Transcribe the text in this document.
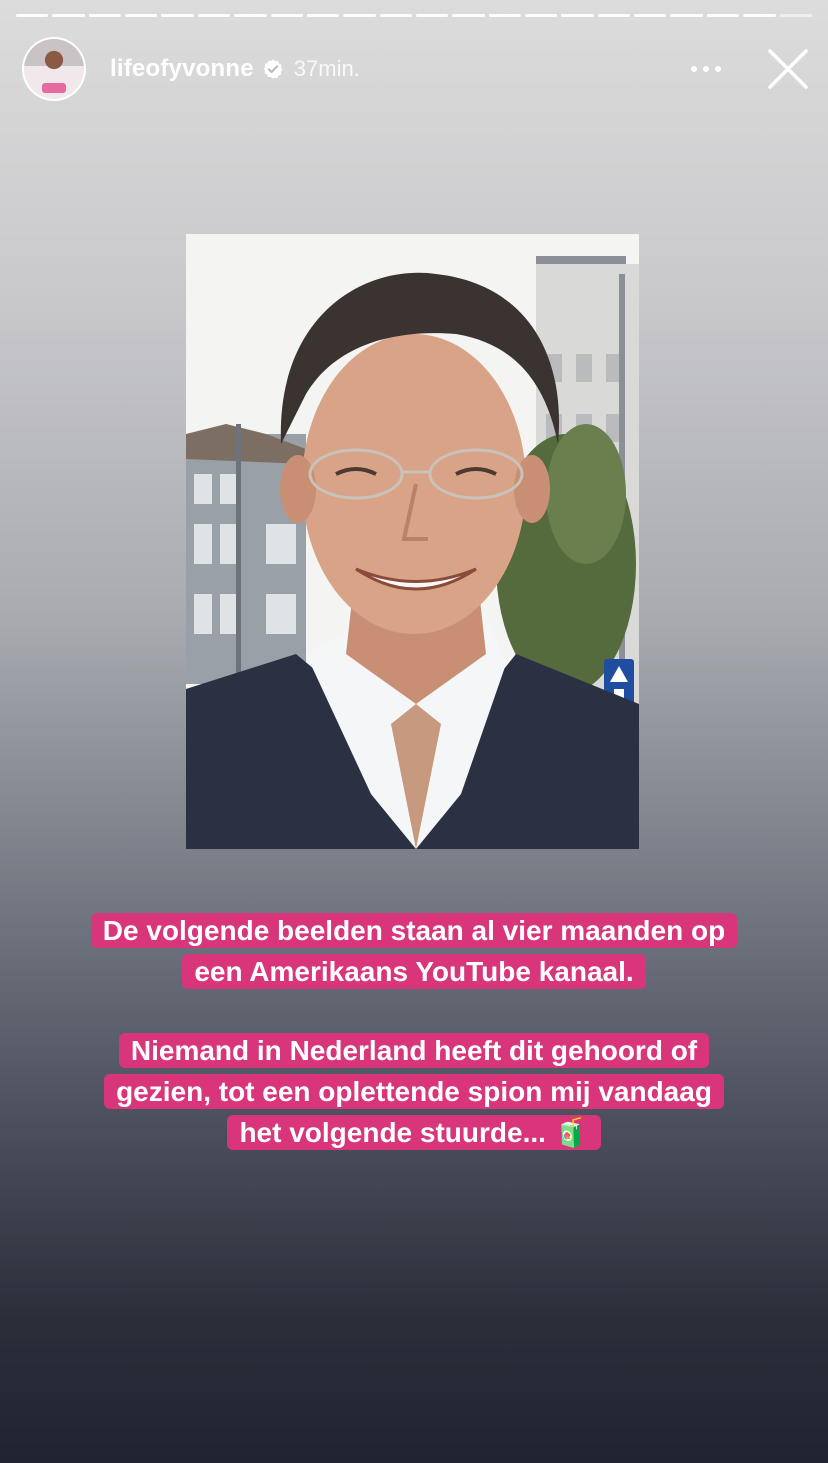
lifeofyvonne 37min.
De volgende beelden staan al vier maanden op
een Amerikaans YouTube kanaal.
Niemand in Nederland heeft dit gehoord of
gezien, tot een oplettende spion mij vandaag
het volgende stuurde... 🧃
